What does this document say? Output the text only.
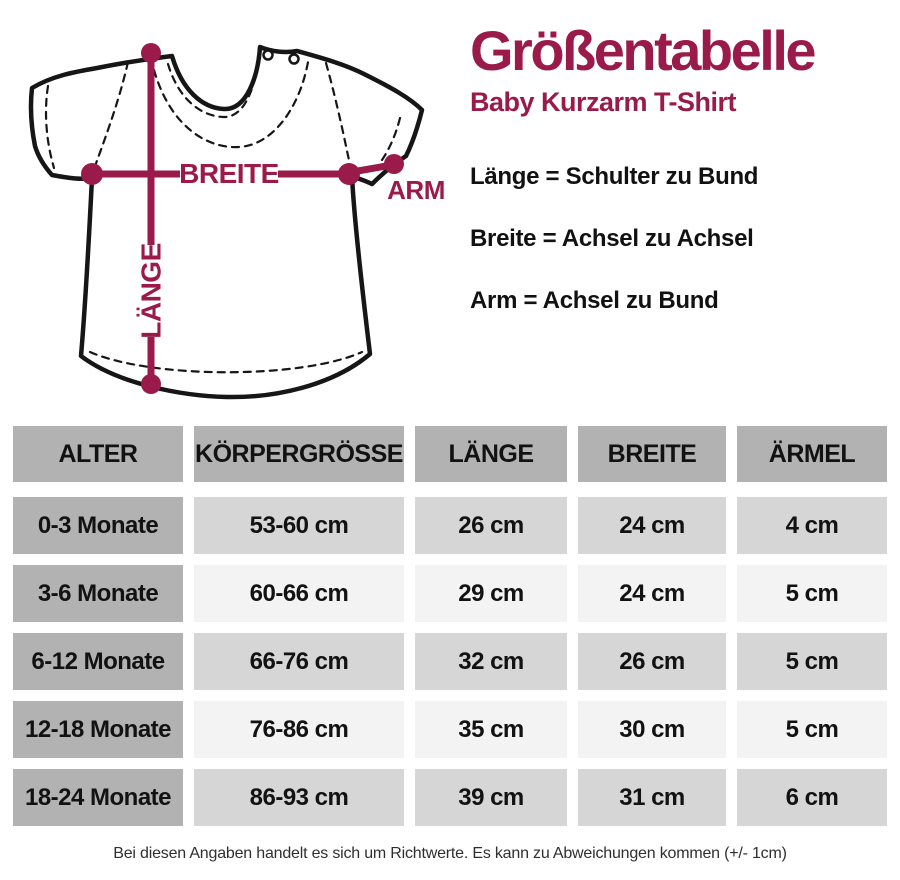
BREITE
ARM
LÄNGE
Größentabelle
Baby Kurzarm T-Shirt
Länge = Schulter zu Bund
Breite = Achsel zu Achsel
Arm = Achsel zu Bund
ALTER	KÖRPERGRÖSSE	LÄNGE	BREITE	ÄRMEL
0-3 Monate	53-60 cm	26 cm	24 cm	4 cm
3-6 Monate	60-66 cm	29 cm	24 cm	5 cm
6-12 Monate	66-76 cm	32 cm	26 cm	5 cm
12-18 Monate	76-86 cm	35 cm	30 cm	5 cm
18-24 Monate	86-93 cm	39 cm	31 cm	6 cm
Bei diesen Angaben handelt es sich um Richtwerte. Es kann zu Abweichungen kommen (+/- 1cm)
